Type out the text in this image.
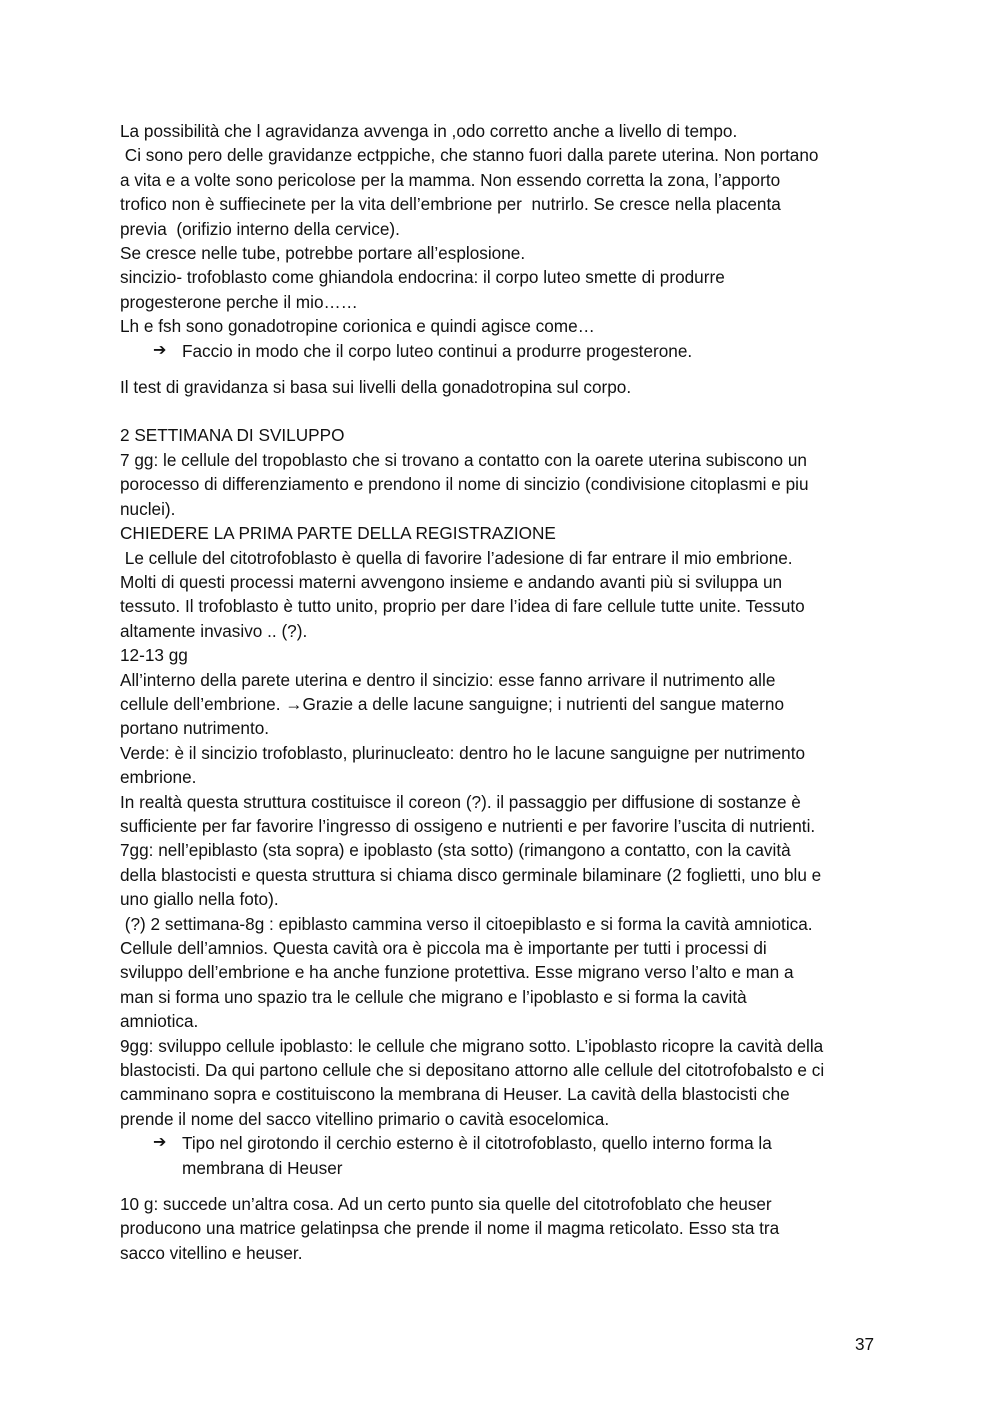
La possibilità che l agravidanza avvenga in ,odo corretto anche a livello di tempo.
Ci sono pero delle gravidanze ectppiche, che stanno fuori dalla parete uterina. Non portano
a vita e a volte sono pericolose per la mamma. Non essendo corretta la zona, l’apporto
trofico non è suffiecinete per la vita dell’embrione per  nutrirlo. Se cresce nella placenta
previa  (orifizio interno della cervice).
Se cresce nelle tube, potrebbe portare all’esplosione.
sincizio- trofoblasto come ghiandola endocrina: il corpo luteo smette di produrre
progesterone perche il mio……
Lh e fsh sono gonadotropine corionica e quindi agisce come…
➔ Faccio in modo che il corpo luteo continui a produrre progesterone.
Il test di gravidanza si basa sui livelli della gonadotropina sul corpo.
2 SETTIMANA DI SVILUPPO
7 gg: le cellule del tropoblasto che si trovano a contatto con la oarete uterina subiscono un
porocesso di differenziamento e prendono il nome di sincizio (condivisione citoplasmi e piu
nuclei).
CHIEDERE LA PRIMA PARTE DELLA REGISTRAZIONE
Le cellule del citotrofoblasto è quella di favorire l’adesione di far entrare il mio embrione.
Molti di questi processi materni avvengono insieme e andando avanti più si sviluppa un
tessuto. Il trofoblasto è tutto unito, proprio per dare l’idea di fare cellule tutte unite. Tessuto
altamente invasivo .. (?).
12-13 gg
All’interno della parete uterina e dentro il sincizio: esse fanno arrivare il nutrimento alle
cellule dell’embrione. →Grazie a delle lacune sanguigne; i nutrienti del sangue materno
portano nutrimento.
Verde: è il sincizio trofoblasto, plurinucleato: dentro ho le lacune sanguigne per nutrimento
embrione.
In realtà questa struttura costituisce il coreon (?). il passaggio per diffusione di sostanze è
sufficiente per far favorire l’ingresso di ossigeno e nutrienti e per favorire l’uscita di nutrienti.
7gg: nell’epiblasto (sta sopra) e ipoblasto (sta sotto) (rimangono a contatto, con la cavità
della blastocisti e questa struttura si chiama disco germinale bilaminare (2 foglietti, uno blu e
uno giallo nella foto).
(?) 2 settimana-8g : epiblasto cammina verso il citoepiblasto e si forma la cavità amniotica.
Cellule dell’amnios. Questa cavità ora è piccola ma è importante per tutti i processi di
sviluppo dell’embrione e ha anche funzione protettiva. Esse migrano verso l’alto e man a
man si forma uno spazio tra le cellule che migrano e l’ipoblasto e si forma la cavità
amniotica.
9gg: sviluppo cellule ipoblasto: le cellule che migrano sotto. L’ipoblasto ricopre la cavità della
blastocisti. Da qui partono cellule che si depositano attorno alle cellule del citotrofobalsto e ci
camminano sopra e costituiscono la membrana di Heuser. La cavità della blastocisti che
prende il nome del sacco vitellino primario o cavità esocelomica.
➔ Tipo nel girotondo il cerchio esterno è il citotrofoblasto, quello interno forma la
membrana di Heuser
10 g: succede un’altra cosa. Ad un certo punto sia quelle del citotrofoblato che heuser
producono una matrice gelatinpsa che prende il nome il magma reticolato. Esso sta tra
sacco vitellino e heuser.
37
